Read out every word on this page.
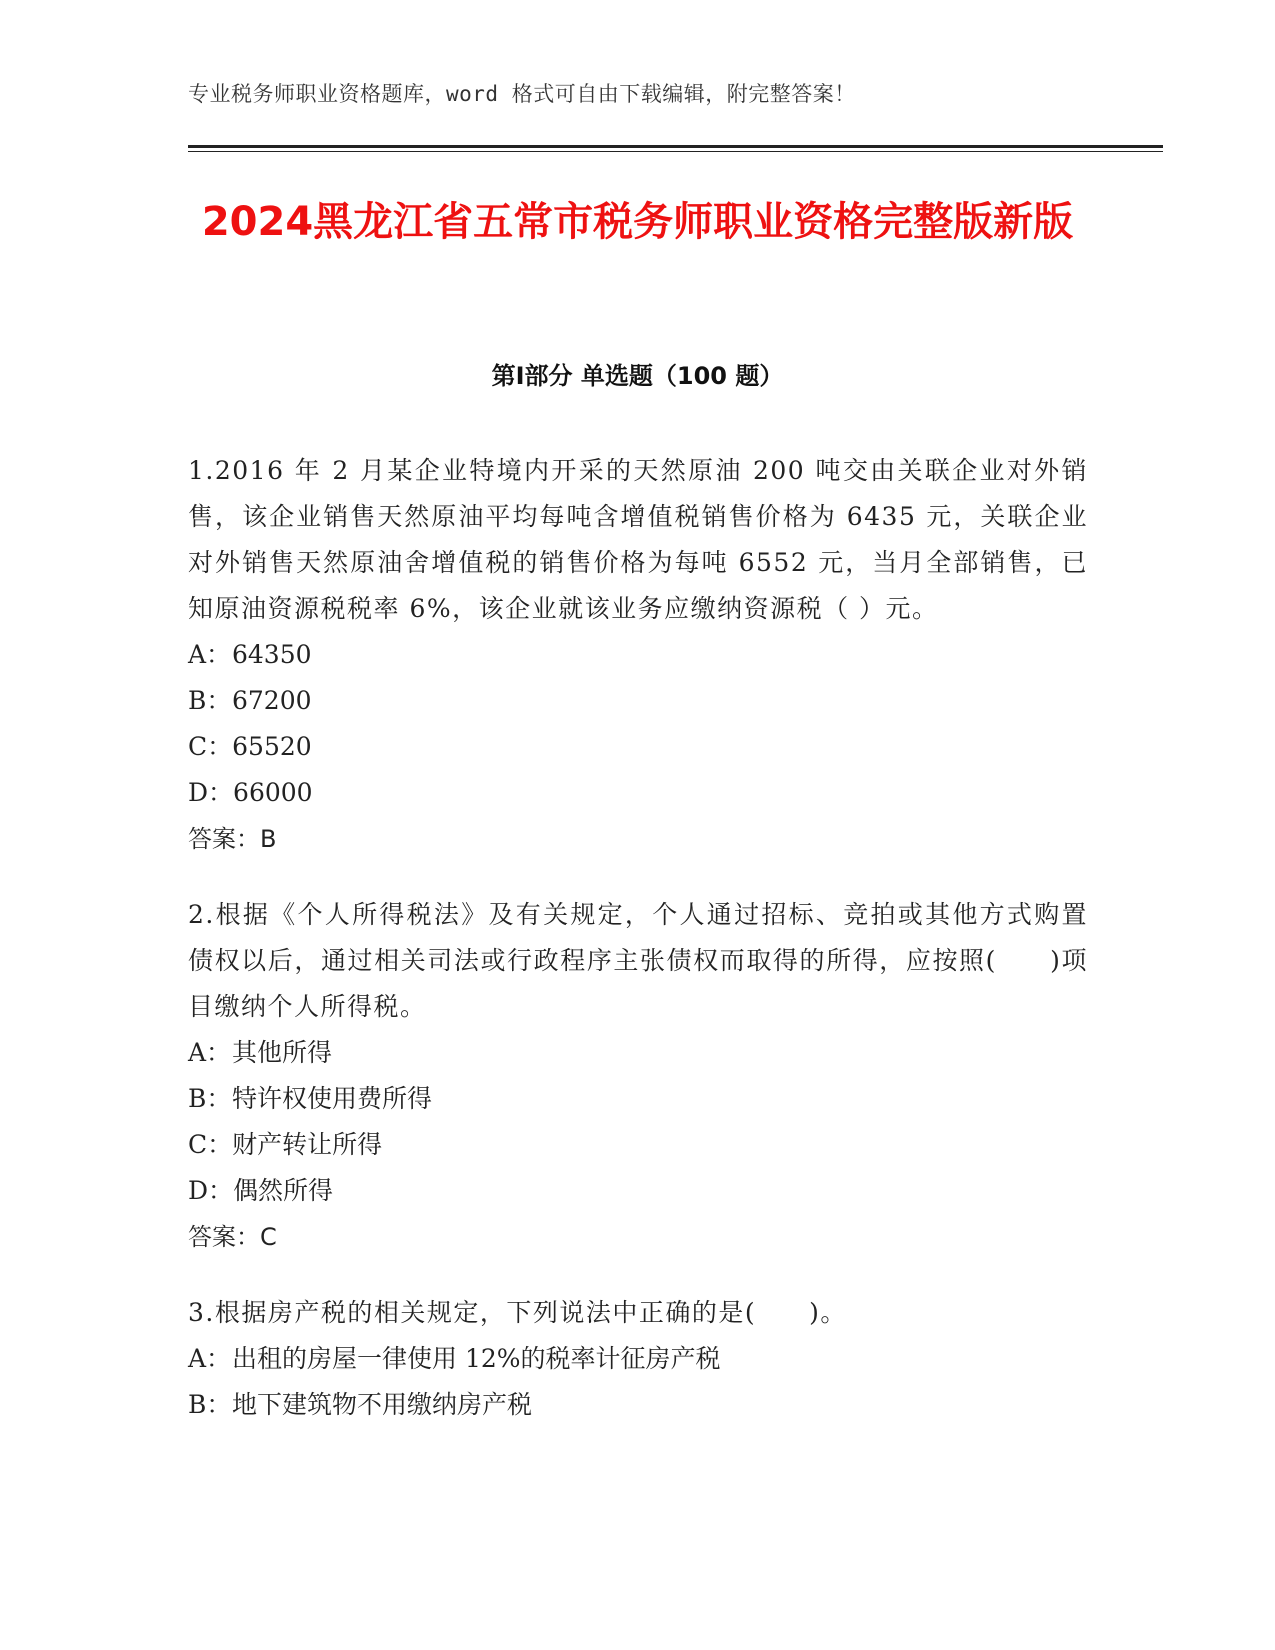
专业税务师职业资格题库，word 格式可自由下载编辑，附完整答案！
2024黑龙江省五常市税务师职业资格完整版新版
第Ⅰ部分 单选题（100 题）
1.2016 年 2 月某企业特境内开采的天然原油 200 吨交由关联企业对外销售，该企业销售天然原油平均每吨含增值税销售价格为 6435 元，关联企业对外销售天然原油舍增值税的销售价格为每吨 6552 元，当月全部销售，已知原油资源税税率 6%，该企业就该业务应缴纳资源税（ ）元。
A： 64350
B： 67200
C： 65520
D： 66000
答案：B
2.根据《个人所得税法》及有关规定，个人通过招标、竞拍或其他方式购置债权以后，通过相关司法或行政程序主张债权而取得的所得，应按照(　　)项目缴纳个人所得税。
A： 其他所得
B： 特许权使用费所得
C： 财产转让所得
D： 偶然所得
答案：C
3.根据房产税的相关规定，下列说法中正确的是(　　)。
A： 出租的房屋一律使用 12%的税率计征房产税
B： 地下建筑物不用缴纳房产税
